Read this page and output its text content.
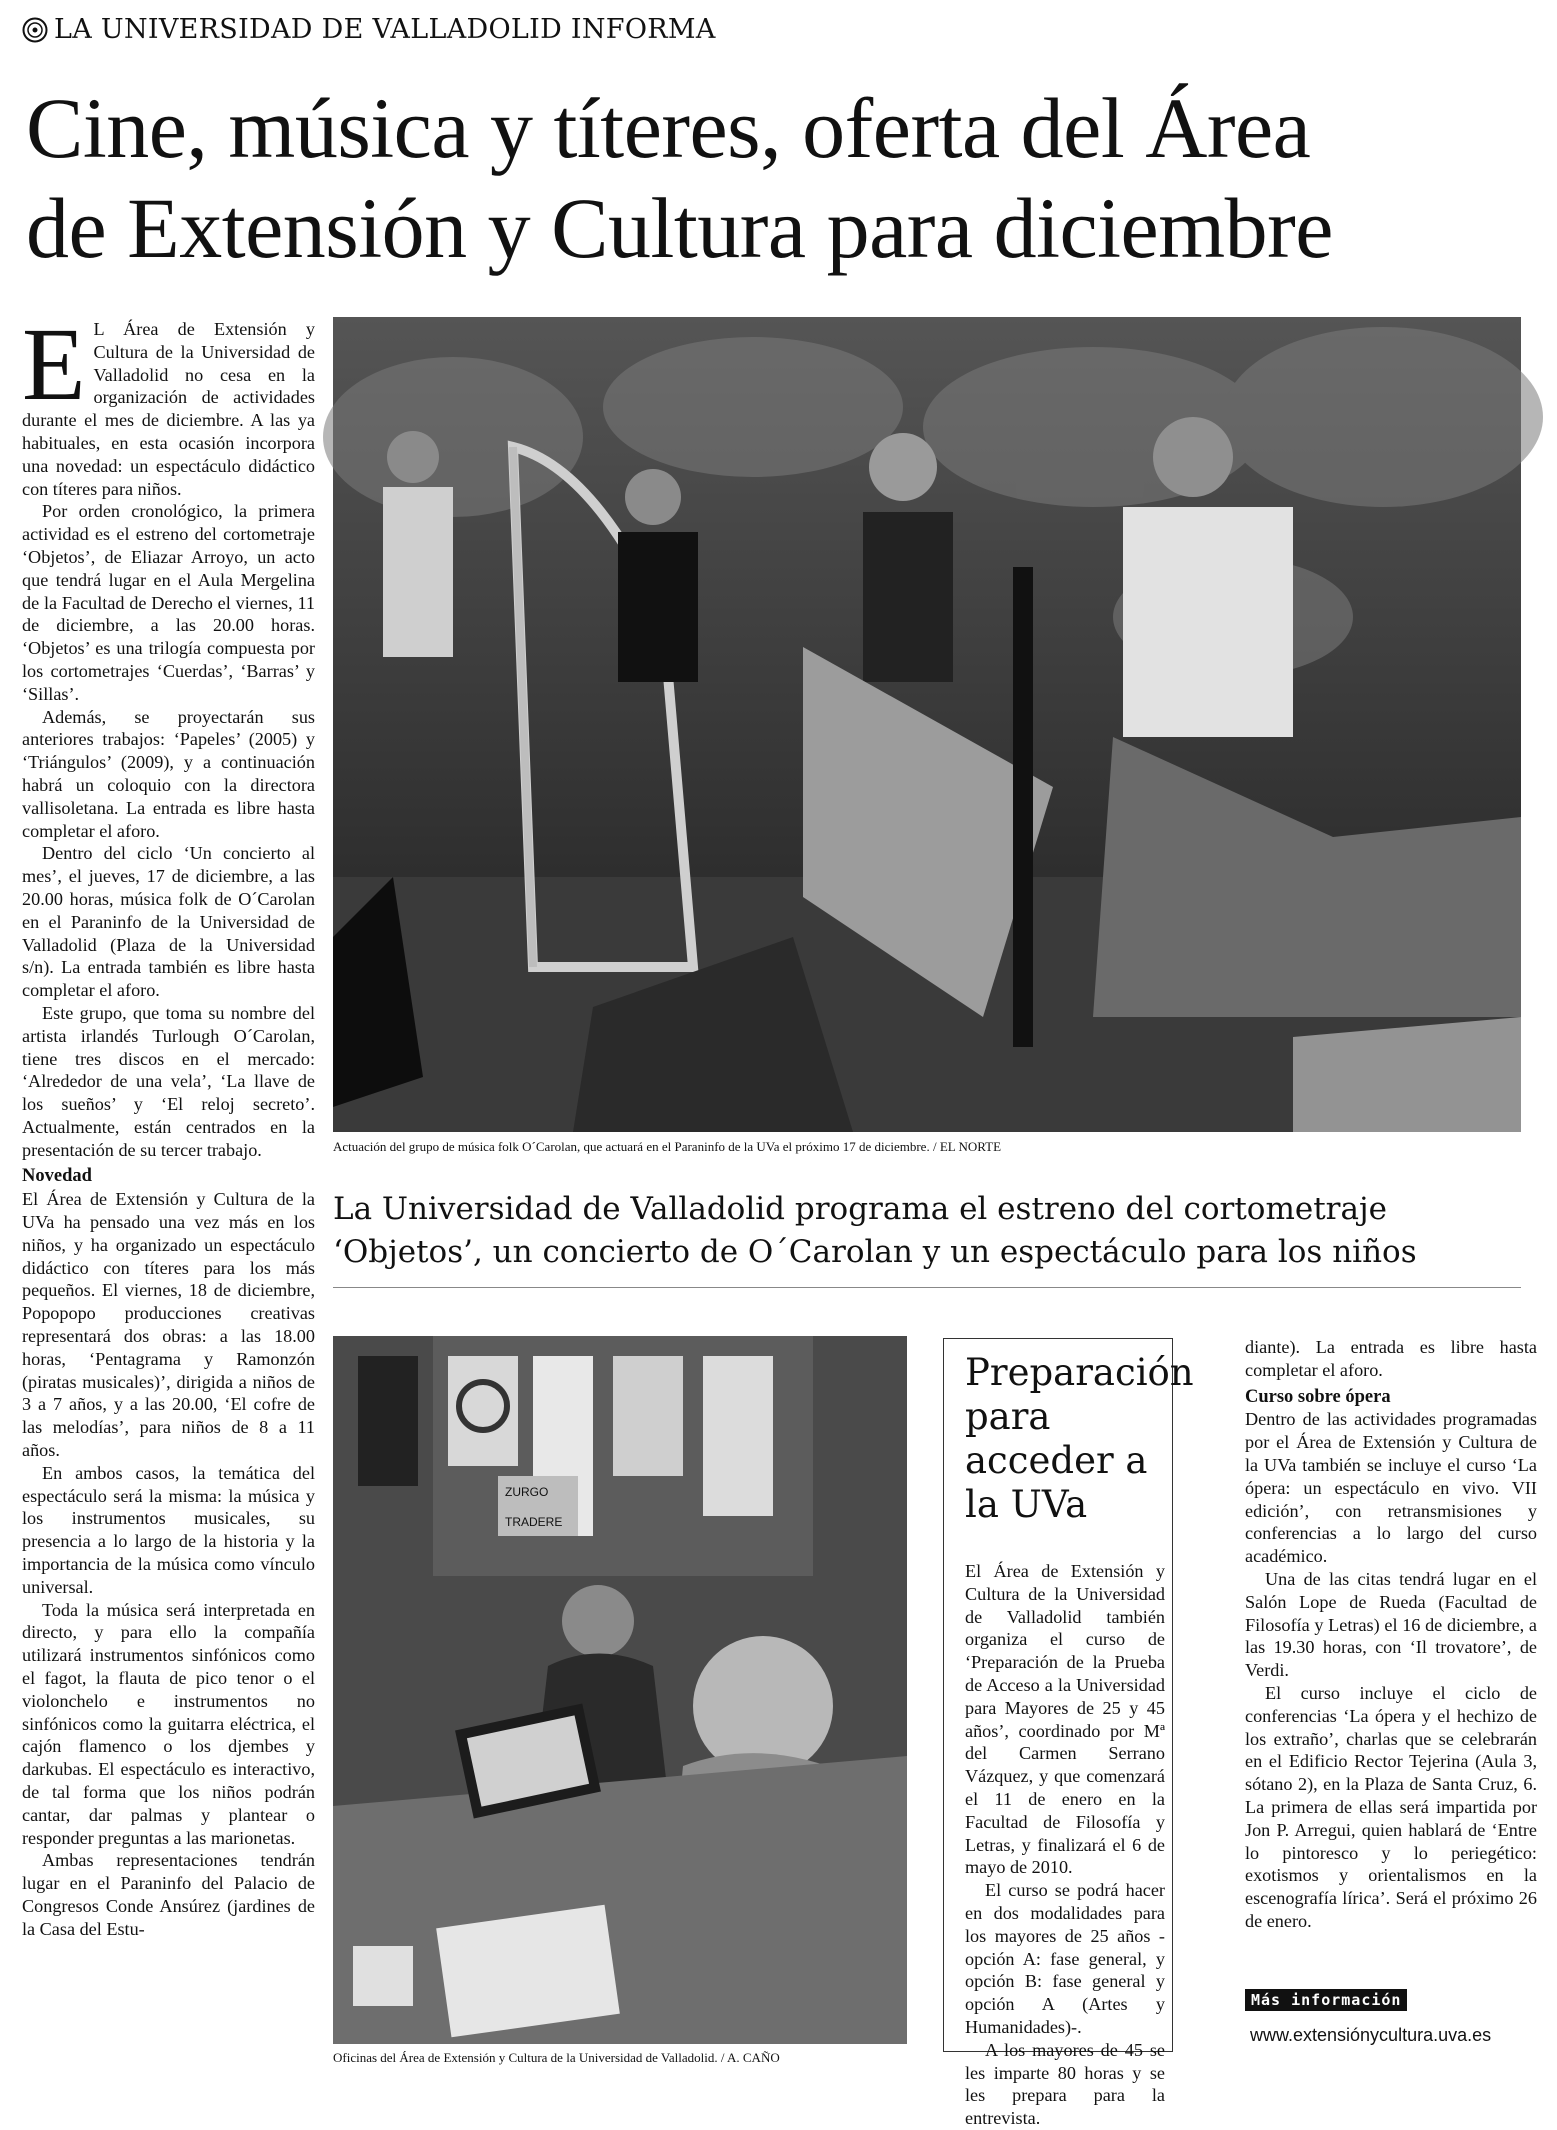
LA UNIVERSIDAD DE VALLADOLID INFORMA
Cine, música y títeres, oferta del Área
de Extensión y Cultura para diciembre
E L Área de Extensión y Cultura de la Universidad de Valladolid no cesa en la organización de actividades durante el mes de diciembre. A las ya habituales, en esta ocasión incorpora una novedad: un espectáculo didáctico con títeres para niños.

Por orden cronológico, la primera actividad es el estreno del cortometraje ‘Objetos’, de Eliazar Arroyo, un acto que tendrá lugar en el Aula Mergelina de la Facultad de Derecho el viernes, 11 de diciembre, a las 20.00 horas. ‘Objetos’ es una trilogía compuesta por los cortometrajes ‘Cuerdas’, ‘Barras’ y ‘Sillas’.

Además, se proyectarán sus anteriores trabajos: ‘Papeles’ (2005) y ‘Triángulos’ (2009), y a continuación habrá un coloquio con la directora vallisoletana. La entrada es libre hasta completar el aforo.

Dentro del ciclo ‘Un concierto al mes’, el jueves, 17 de diciembre, a las 20.00 horas, música folk de O´Carolan en el Paraninfo de la Universidad de Valladolid (Plaza de la Universidad s/n). La entrada también es libre hasta completar el aforo.

Este grupo, que toma su nombre del artista irlandés Turlough O´Carolan, tiene tres discos en el mercado: ‘Alrededor de una vela’, ‘La llave de los sueños’ y ‘El reloj secreto’. Actualmente, están centrados en la presentación de su tercer trabajo.

Novedad

El Área de Extensión y Cultura de la UVa ha pensado una vez más en los niños, y ha organizado un espectáculo didáctico con títeres para los más pequeños. El viernes, 18 de diciembre, Popopopo producciones creativas representará dos obras: a las 18.00 horas, ‘Pentagrama y Ramonzón (piratas musicales)’, dirigida a niños de 3 a 7 años, y a las 20.00, ‘El cofre de las melodías’, para niños de 8 a 11 años.

En ambos casos, la temática del espectáculo será la misma: la música y los instrumentos musicales, su presencia a lo largo de la historia y la importancia de la música como vínculo universal.

Toda la música será interpretada en directo, y para ello la compañía utilizará instrumentos sinfónicos como el fagot, la flauta de pico tenor o el violonchelo e instrumentos no sinfónicos como la guitarra eléctrica, el cajón flamenco o los djembes y darkubas. El espectáculo es interactivo, de tal forma que los niños podrán cantar, dar palmas y plantear o responder preguntas a las marionetas.

Ambas representaciones tendrán lugar en el Paraninfo del Palacio de Congresos Conde Ansúrez (jardines de la Casa del Estu-

Actuación del grupo de música folk O´Carolan, que actuará en el Paraninfo de la UVa el próximo 17 de diciembre. / EL NORTE
La Universidad de Valladolid programa el estreno del cortometraje
‘Objetos’, un concierto de O´Carolan y un espectáculo para los niños
ZURGO
TRADERE
Oficinas del Área de Extensión y Cultura de la Universidad de Valladolid. / A. CAÑO
Preparación
para
acceder a
la UVa

El Área de Extensión y Cultura de la Universidad de Valladolid también organiza el curso de ‘Preparación de la Prueba de Acceso a la Universidad para Mayores de 25 y 45 años’, coordinado por Mª del Carmen Serrano Vázquez, y que comenzará el 11 de enero en la Facultad de Filosofía y Letras, y finalizará el 6 de mayo de 2010.

El curso se podrá hacer en dos modalidades para los mayores de 25 años -opción A: fase general, y opción B: fase general y opción A (Artes y Humanidades)-.

A los mayores de 45 se les imparte 80 horas y se les prepara para la entrevista.

diante). La entrada es libre hasta completar el aforo.

Curso sobre ópera

Dentro de las actividades programadas por el Área de Extensión y Cultura de la UVa también se incluye el curso ‘La ópera: un espectáculo en vivo. VII edición’, con retransmisiones y conferencias a lo largo del curso académico.

Una de las citas tendrá lugar en el Salón Lope de Rueda (Facultad de Filosofía y Letras) el 16 de diciembre, a las 19.30 horas, con ‘Il trovatore’, de Verdi.

El curso incluye el ciclo de conferencias ‘La ópera y el hechizo de los extraño’, charlas que se celebrarán en el Edificio Rector Tejerina (Aula 3, sótano 2), en la Plaza de Santa Cruz, 6. La primera de ellas será impartida por Jon P. Arregui, quien hablará de ‘Entre lo pintoresco y lo periegético: exotismos y orientalismos en la escenografía lírica’. Será el próximo 26 de enero.

Más información
www.extensiónycultura.uva.es
